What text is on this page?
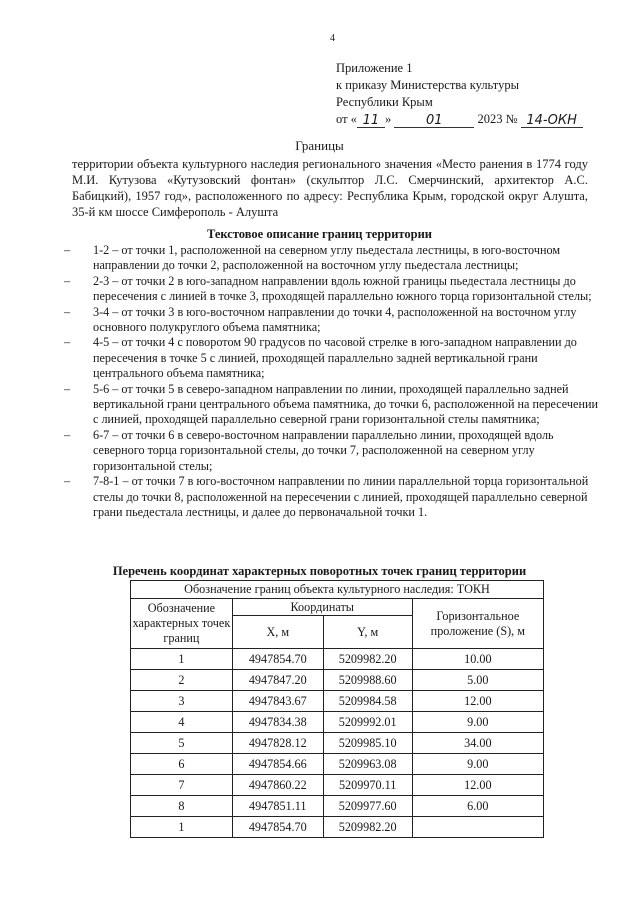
4
Приложение 1
к приказу Министерства культуры
Республики Крым
от « 11 »	01	2023 № 14-ОКН
Границы
территории объекта культурного наследия регионального значения «Место ранения в 1774 году М.И. Кутузова «Кутузовский фонтан» (скульптор Л.С. Смерчинский, архитектор А.С. Бабицкий), 1957 год», расположенного по адресу: Республика Крым, городской округ Алушта, 35-й км шоссе Симферополь - Алушта
Текстовое описание границ территории
– 1-2 – от точки 1, расположенной на северном углу пьедестала лестницы, в юго-восточном направлении до точки 2, расположенной на восточном углу пьедестала лестницы;
– 2-3 – от точки 2 в юго-западном направлении вдоль южной границы пьедестала лестницы до пересечения с линией в точке 3, проходящей параллельно южного торца горизонтальной стелы;
– 3-4 – от точки 3 в юго-восточном направлении до точки 4, расположенной на восточном углу основного полукруглого объема памятника;
– 4-5 – от точки 4 с поворотом 90 градусов по часовой стрелке в юго-западном направлении до пересечения в точке 5 с линией, проходящей параллельно задней вертикальной грани центрального объема памятника;
– 5-6 – от точки 5 в северо-западном направлении по линии, проходящей параллельно задней вертикальной грани центрального объема памятника, до точки 6, расположенной на пересечении с линией, проходящей параллельно северной грани горизонтальной стелы памятника;
– 6-7 – от точки 6 в северо-восточном направлении параллельно линии, проходящей вдоль северного торца горизонтальной стелы, до точки 7, расположенной на северном углу горизонтальной стелы;
– 7-8-1 – от точки 7 в юго-восточном направлении по линии параллельной торца горизонтальной стелы до точки 8, расположенной на пересечении с линией, проходящей параллельно северной грани пьедестала лестницы, и далее до первоначальной точки 1.
Перечень координат характерных поворотных точек границ территории
Обозначение границ объекта культурного наследия: ТОКН			
Обозначение характерных точек границ	Координаты		Горизонтальное проложение (S), м
	X, м	Y, м	
1	4947854.70	5209982.20	10.00
2	4947847.20	5209988.60	5.00
3	4947843.67	5209984.58	12.00
4	4947834.38	5209992.01	9.00
5	4947828.12	5209985.10	34.00
6	4947854.66	5209963.08	9.00
7	4947860.22	5209970.11	12.00
8	4947851.11	5209977.60	6.00
1	4947854.70	5209982.20	
